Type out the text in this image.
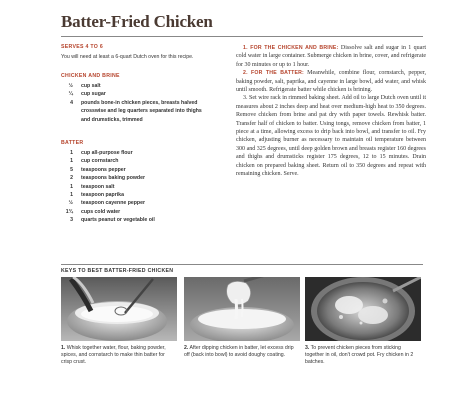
Batter-Fried Chicken
SERVES 4 TO 6
You will need at least a 6-quart Dutch oven for this recipe.
CHICKEN AND BRINE
½	cup salt
¼	cup sugar
4	pounds bone-in chicken pieces, breasts halved
crosswise and leg quarters separated into thighs
and drumsticks, trimmed
BATTER
1	cup all-purpose flour
1	cup cornstarch
5	teaspoons pepper
2	teaspoons baking powder
1	teaspoon salt
1	teaspoon paprika
½	teaspoon cayenne pepper
1¾	cups cold water
3	quarts peanut or vegetable oil

1. FOR THE CHICKEN AND BRINE: Dissolve salt and sugar in 1 quart cold water in large container. Submerge chicken in brine, cover, and refrigerate for 30 minutes or up to 1 hour.

2. FOR THE BATTER: Meanwhile, combine flour, cornstarch, pepper, baking powder, salt, paprika, and cayenne in large bowl, add water, and whisk until smooth. Refrigerate batter while chicken is brining.

3. Set wire rack in rimmed baking sheet. Add oil to large Dutch oven until it measures about 2 inches deep and heat over medium-high heat to 350 degrees. Remove chicken from brine and pat dry with paper towels. Rewhisk batter. Transfer half of chicken to batter. Using tongs, remove chicken from batter, 1 piece at a time, allowing excess to drip back into bowl, and transfer to oil. Fry chicken, adjusting burner as necessary to maintain oil temperature between 300 and 325 degrees, until deep golden brown and breasts register 160 degrees and thighs and drumsticks register 175 degrees, 12 to 15 minutes. Drain chicken on prepared baking sheet. Return oil to 350 degrees and repeat with remaining chicken. Serve.

KEYS TO BEST BATTER-FRIED CHICKEN
1. Whisk together water, flour, baking powder, spices, and cornstarch to make thin batter for crisp crust.
2. After dipping chicken in batter, let excess drip off (back into bowl) to avoid doughy coating.
3. To prevent chicken pieces from sticking together in oil, don't crowd pot. Fry chicken in 2 batches.
